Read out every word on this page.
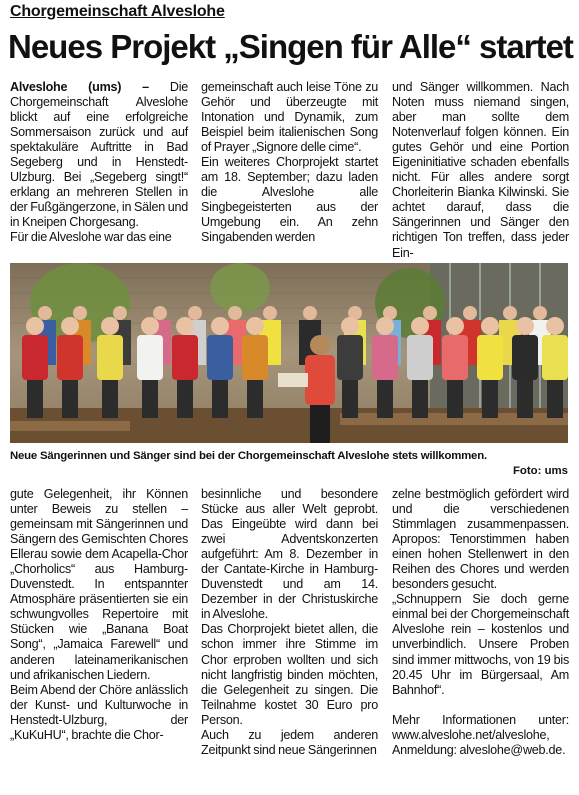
Chorgemeinschaft Alveslohe
Neues Projekt „Singen für Alle“ startet

Alveslohe (ums) – Die Chorgemeinschaft Alveslohe blickt auf eine erfolgreiche Sommersaison zurück und auf spektakuläre Auftritte in Bad Segeberg und in Henstedt-Ulzburg. Bei „Segeberg singt!“ erklang an mehreren Stellen in der Fußgängerzone, in Sälen und in Kneipen Chorgesang.

Für die Alveslohe war das eine

gemeinschaft auch leise Töne zu Gehör und überzeugte mit Intonation und Dynamik, zum Beispiel beim italienischen Song of Prayer „Signore delle cime“.

Ein weiteres Chorprojekt startet am 18. September; dazu laden die Alveslohe alle Singbegeisterten aus der Umgebung ein. An zehn Singabenden werden

und Sänger willkommen. Nach Noten muss niemand singen, aber man sollte dem Notenverlauf folgen können. Ein gutes Gehör und eine Portion Eigeninitiative schaden ebenfalls nicht. Für alles andere sorgt Chorleiterin Bianka Kilwinski. Sie achtet darauf, dass die Sängerinnen und Sänger den richtigen Ton treffen, dass jeder Ein-

Neue Sängerinnen und Sänger sind bei der Chorgemeinschaft Alveslohe stets willkommen.
Foto: ums

gute Gelegenheit, ihr Können unter Beweis zu stellen – gemeinsam mit Sängerinnen und Sängern des Gemischten Chores Ellerau sowie dem Acapella-Chor „Chorholics“ aus Hamburg-Duvenstedt. In entspannter Atmosphäre präsentierten sie ein schwungvolles Repertoire mit Stücken wie „Banana Boat Song“, „Jamaica Farewell“ und anderen lateinamerikanischen und afrikanischen Liedern.

Beim Abend der Chöre anlässlich der Kunst- und Kulturwoche in Henstedt-Ulzburg, der „KuKuHU“, brachte die Chor-

besinnliche und besondere Stücke aus aller Welt geprobt. Das Eingeübte wird dann bei zwei Adventskonzerten aufgeführt: Am 8. Dezember in der Cantate-Kirche in Hamburg-Duvenstedt und am 14. Dezember in der Christuskirche in Alveslohe.

Das Chorprojekt bietet allen, die schon immer ihre Stimme im Chor erproben wollten und sich nicht langfristig binden möchten, die Gelegenheit zu singen. Die Teilnahme kostet 30 Euro pro Person.

Auch zu jedem anderen Zeitpunkt sind neue Sängerinnen

zelne bestmöglich gefördert wird und die verschiedenen Stimmlagen zusammenpassen. Apropos: Tenorstimmen haben einen hohen Stellenwert in den Reihen des Chores und werden besonders gesucht.

„Schnuppern Sie doch gerne einmal bei der Chorgemeinschaft Alveslohe rein – kostenlos und unverbindlich. Unsere Proben sind immer mittwochs, von 19 bis 20.45 Uhr im Bürgersaal, Am Bahnhof“.

Mehr Informationen unter: www.alveslohe.net/alveslohe, Anmeldung: alveslohe@web.de.
